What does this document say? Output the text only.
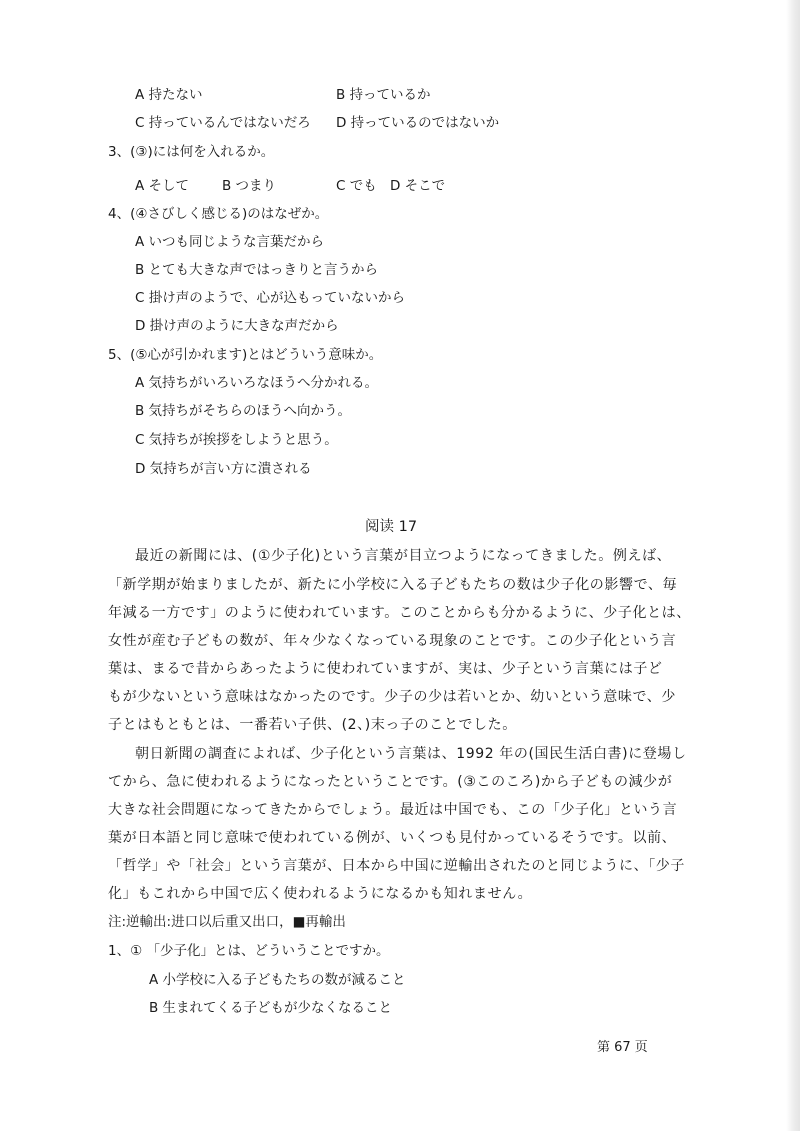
A 持たない	B 持っているか
C 持っているんではないだろ D 持っているのではないか
3、(③)には何を入れるか。
A そして B つまり	C でも D そこで
4、(④さびしく感じる)のはなぜか。
A いつも同じような言葉だから
B とても大きな声ではっきりと言うから
C 掛け声のようで、心が込もっていないから
D 掛け声のように大きな声だから
5、(⑤心が引かれます)とはどういう意味か。
A 気持ちがいろいろなほうへ分かれる。
B 気持ちがそちらのほうへ向かう。
C 気持ちが挨拶をしようと思う。
D 気持ちが言い方に潰される
阅读 17
最近の新聞には、(①少子化)という言葉が目立つようになってきました。例えば、
「新学期が始まりましたが、新たに小学校に入る子どもたちの数は少子化の影響で、毎
年減る一方です」のように使われています。このことからも分かるように、少子化とは、
女性が産む子どもの数が、年々少なくなっている現象のことです。この少子化という言
葉は、まるで昔からあったように使われていますが、実は、少子という言葉には子ど
もが少ないという意味はなかったのです。少子の少は若いとか、幼いという意味で、少
子とはもともとは、一番若い子供、(2、)末っ子のことでした。
朝日新聞の調査によれば、少子化という言葉は、1992 年の(国民生活白書)に登場し
てから、急に使われるようになったということです。(③このころ)から子どもの減少が
大きな社会問題になってきたからでしょう。最近は中国でも、この「少子化」という言
葉が日本語と同じ意味で使われている例が、いくつも見付かっているそうです。以前、
「哲学」や「社会」という言葉が、日本から中国に逆輸出されたのと同じように、「少子
化」もこれから中国で広く使われるようになるかも知れません。
注:逆輸出:进口以后重又出口，■再輸出
1、① 「少子化」とは、どういうことですか。
A 小学校に入る子どもたちの数が減ること
B 生まれてくる子どもが少なくなること
第 67 页
